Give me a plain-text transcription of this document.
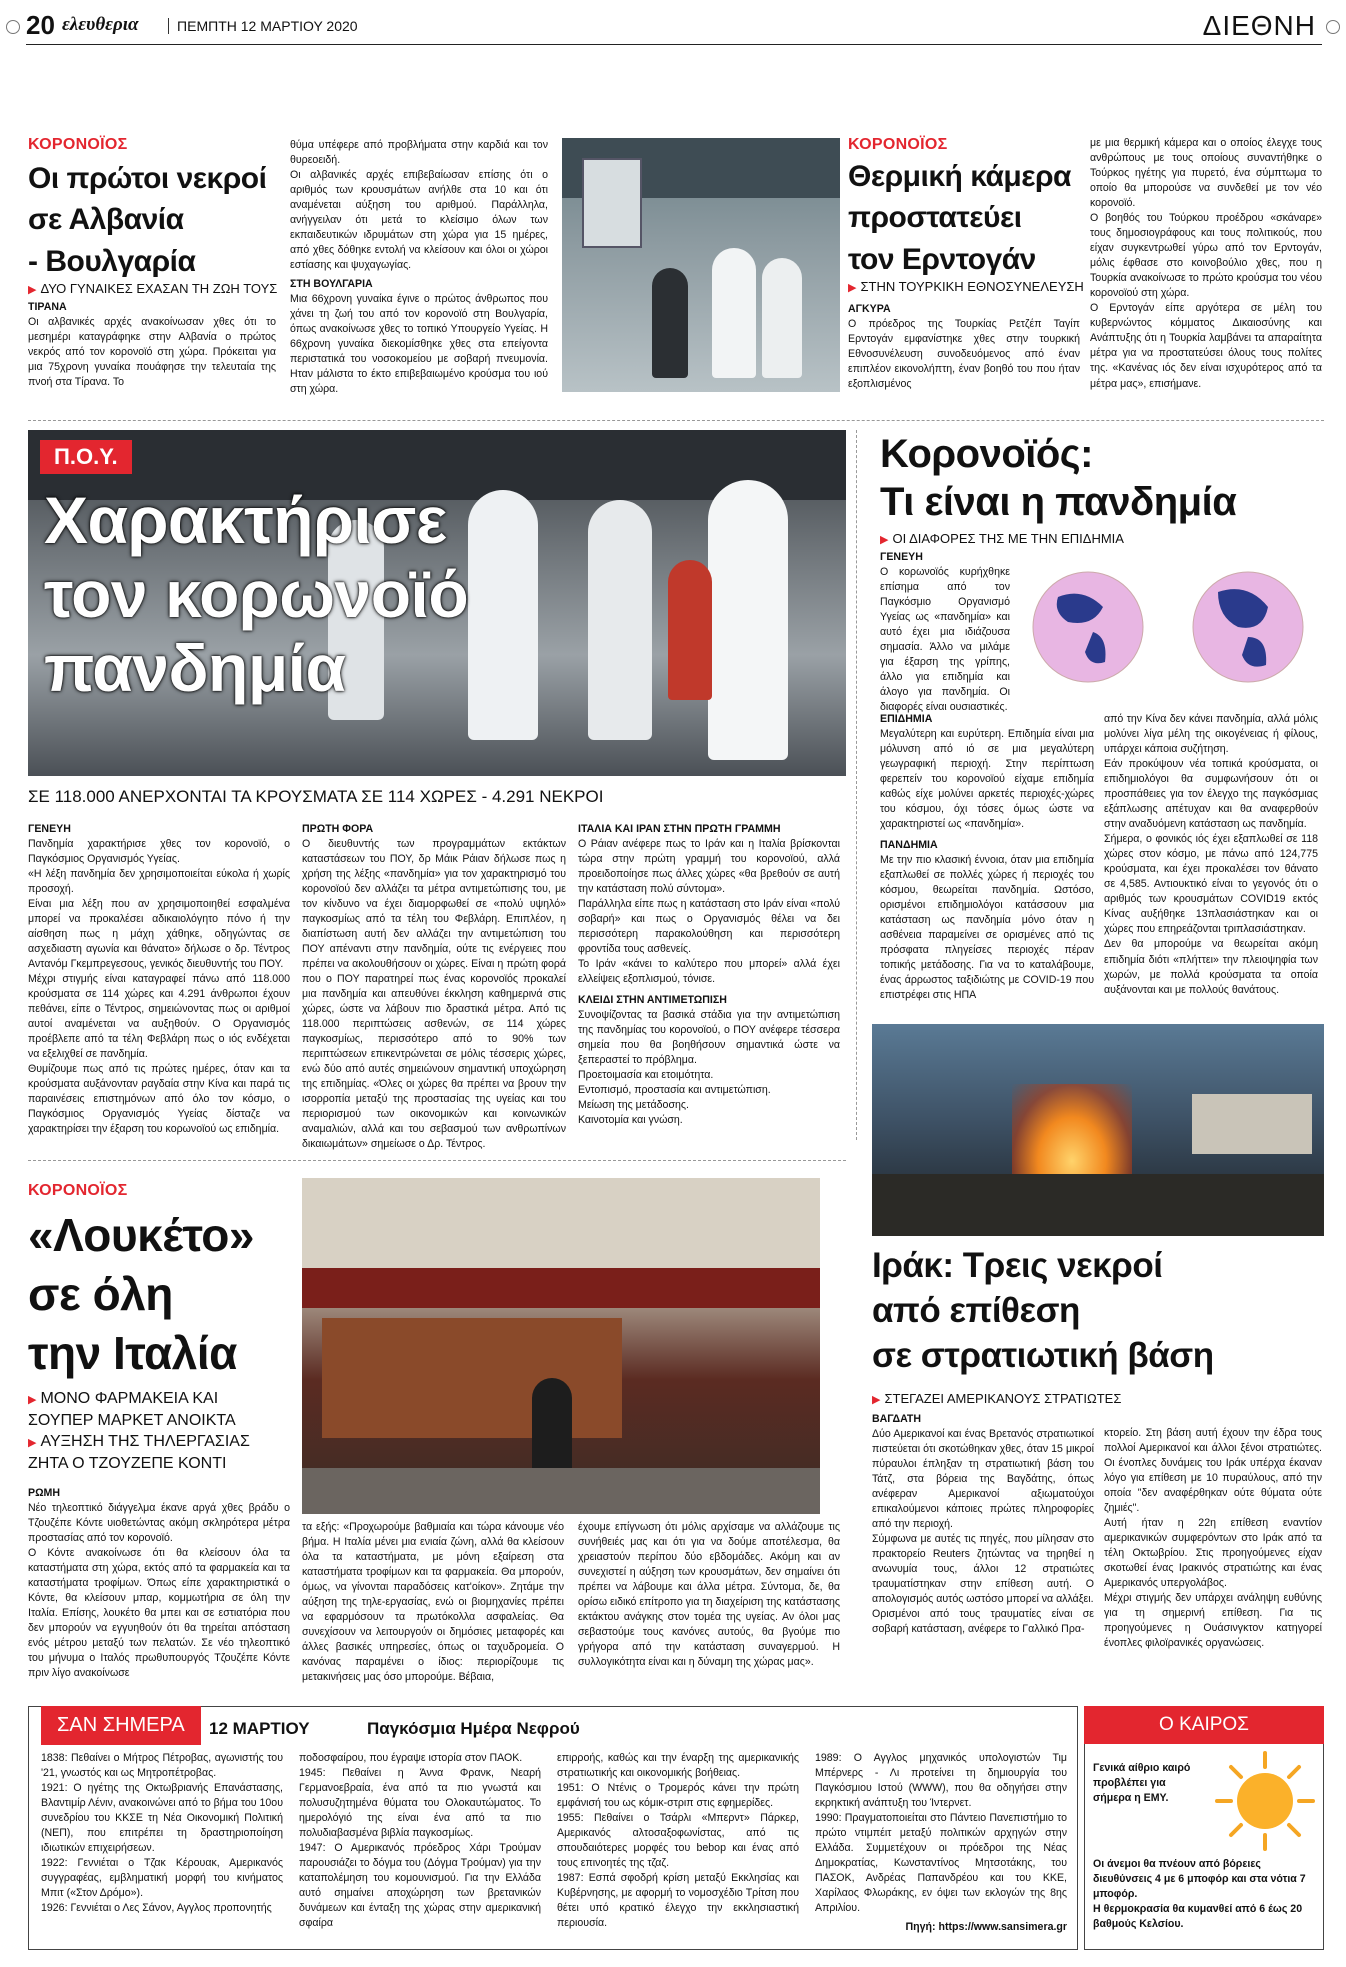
20 ελευθερια	ΠΕΜΠΤΗ 12 ΜΑΡΤΙΟΥ 2020	ΔΙΕΘΝΗ
ΚΟΡΟΝΟΪΟΣ
Οι πρώτοι νεκροί
σε Αλβανία
- Βουλγαρία
▶ ΔΥΟ ΓΥΝΑΙΚΕΣ ΕΧΑΣΑΝ ΤΗ ΖΩΗ ΤΟΥΣ
ΤΙΡΑΝΑ

Οι αλβανικές αρχές ανακοίνωσαν χθες ότι το μεσημέρι καταγράφηκε στην Αλβανία ο πρώτος νεκρός από τον κορονοϊό στη χώρα. Πρόκειται για μια 75χρονη γυναίκα πουάφησε την τελευταία της πνοή στα Τίρανα. Το

θύμα υπέφερε από προβλήματα στην καρδιά και τον θυρεοειδή.

Οι αλβανικές αρχές επιβεβαίωσαν επίσης ότι ο αριθμός των κρουσμάτων ανήλθε στα 10 και ότι αναμένεται αύξηση του αριθμού. Παράλληλα, ανήγγειλαν ότι μετά το κλείσιμο όλων των εκπαιδευτικών ιδρυμάτων στη χώρα για 15 ημέρες, από χθες δόθηκε εντολή να κλείσουν και όλοι οι χώροι εστίασης και ψυχαγωγίας.

ΣΤΗ ΒΟΥΛΓΑΡΙΑ

Μια 66χρονη γυναίκα έγινε ο πρώτος άνθρωπος που χάνει τη ζωή του από τον κορονοϊό στη Βουλγαρία, όπως ανακοίνωσε χθες το τοπικό Υπουργείο Υγείας. Η 66χρονη γυναίκα διεκομίσθηκε χθες στα επείγοντα περιστατικά του νοσοκομείου με σοβαρή πνευμονία. Ηταν μάλιστα το έκτο επιβεβαιωμένο κρούσμα του ιού στη χώρα.

ΚΟΡΟΝΟΪΟΣ
Θερμική κάμερα
προστατεύει
τον Ερντογάν
▶ ΣΤΗΝ ΤΟΥΡΚΙΚΗ ΕΘΝΟΣΥΝΕΛΕΥΣΗ
ΑΓΚΥΡΑ

Ο πρόεδρος της Τουρκίας Ρετζέπ Ταγίπ Ερντογάν εμφανίστηκε χθες στην τουρκική Εθνοσυνέλευση συνοδευόμενος από έναν επιπλέον εικονολήπτη, έναν βοηθό του που ήταν εξοπλισμένος

με μια θερμική κάμερα και ο οποίος έλεγχε τους ανθρώπους με τους οποίους συναντήθηκε ο Τούρκος ηγέτης για πυρετό, ένα σύμπτωμα το οποίο θα μπορούσε να συνδεθεί με τον νέο κορονοϊό.

Ο βοηθός του Τούρκου προέδρου «σκάναρε» τους δημοσιογράφους και τους πολιτικούς, που είχαν συγκεντρωθεί γύρω από τον Ερντογάν, μόλις έφθασε στο κοινοβούλιο χθες, που η Τουρκία ανακοίνωσε το πρώτο κρούσμα του νέου κορονοϊού στη χώρα.

Ο Ερντογάν είπε αργότερα σε μέλη του κυβερνώντος κόμματος Δικαιοσύνης και Ανάπτυξης ότι η Τουρκία λαμβάνει τα απαραίτητα μέτρα για να προστατεύσει όλους τους πολίτες της. «Κανένας ιός δεν είναι ισχυρότερος από τα μέτρα μας», επισήμανε.

Π.Ο.Υ.
Χαρακτήρισε
τον κορωνοϊό
πανδημία
ΣΕ 118.000 ΑΝΕΡΧΟΝΤΑΙ ΤΑ ΚΡΟΥΣΜΑΤΑ ΣΕ 114 ΧΩΡΕΣ - 4.291 ΝΕΚΡΟΙ
ΓΕΝΕΥΗ

Πανδημία χαρακτήρισε χθες τον κορονοϊό, ο Παγκόσμιος Οργανισμός Υγείας.

«Η λέξη πανδημία δεν χρησιμοποιείται εύκολα ή χωρίς προσοχή.

Είναι μια λέξη που αν χρησιμοποιηθεί εσφαλμένα μπορεί να προκαλέσει αδικαιολόγητο πόνο ή την αίσθηση πως η μάχη χάθηκε, οδηγώντας σε ασχεδιαστη αγωνία και θάνατο» δήλωσε ο δρ. Τέντρος Αντανόμ Γκεμπρεγεσους, γενικός διευθυντής του ΠΟΥ.

Μέχρι στιγμής είναι καταγραφεί πάνω από 118.000 κρούσματα σε 114 χώρες και 4.291 άνθρωποι έχουν πεθάνει, είπε ο Τέντρος, σημειώνοντας πως οι αριθμοί αυτοί αναμένεται να αυξηθούν. Ο Οργανισμός προέβλεπε από τα τέλη Φεβλάρη πως ο ιός ενδέχεται να εξελιχθεί σε πανδημία.

Θυμίζουμε πως από τις πρώτες ημέρες, όταν και τα κρούσματα αυξάνονταν ραγδαία στην Κίνα και παρά τις παραινέσεις επιστημόνων από όλο τον κόσμο, ο Παγκόσμιος Οργανισμός Υγείας δίσταζε να χαρακτηρίσει την έξαρση του κορωνοϊού ως επιδημία.

ΠΡΩΤΗ ΦΟΡΑ

Ο διευθυντής των προγραμμάτων εκτάκτων καταστάσεων του ΠΟΥ, δρ Μάικ Ράιαν δήλωσε πως η χρήση της λέξης «πανδημία» για τον χαρακτηρισμό του κορονοϊού δεν αλλάζει τα μέτρα αντιμετώπισης του, με τον κίνδυνο να έχει διαμορφωθεί σε «πολύ υψηλό» παγκοσμίως από τα τέλη του Φεβλάρη. Επιπλέον, η διαπίστωση αυτή δεν αλλάζει την αντιμετώπιση του ΠΟΥ απέναντι στην πανδημία, ούτε τις ενέργειες που πρέπει να ακολουθήσουν οι χώρες. Είναι η πρώτη φορά που ο ΠΟΥ παρατηρεί πως ένας κορονοϊός προκαλεί μια πανδημία και απευθύνει έκκληση καθημερινά στις χώρες, ώστε να λάβουν πιο δραστικά μέτρα. Από τις 118.000 περιπτώσεις ασθενών, σε 114 χώρες παγκοσμίως, περισσότερο από το 90% των περιπτώσεων επικεντρώνεται σε μόλις τέσσερις χώρες, ενώ δύο από αυτές σημειώνουν σημαντική υποχώρηση της επιδημίας. «Όλες οι χώρες θα πρέπει να βρουν την ισορροπία μεταξύ της προστασίας της υγείας και του περιορισμού των οικονομικών και κοινωνικών αναμαλιών, αλλά και του σεβασμού των ανθρωπίνων δικαιωμάτων» σημείωσε ο Δρ. Τέντρος.

ΙΤΑΛΙΑ ΚΑΙ ΙΡΑΝ ΣΤΗΝ ΠΡΩΤΗ ΓΡΑΜΜΗ

Ο Ράιαν ανέφερε πως το Ιράν και η Ιταλία βρίσκονται τώρα στην πρώτη γραμμή του κορονοϊού, αλλά προειδοποίησε πως άλλες χώρες «θα βρεθούν σε αυτή την κατάσταση πολύ σύντομα».

Παράλληλα είπε πως η κατάσταση στο Ιράν είναι «πολύ σοβαρή» και πως ο Οργανισμός θέλει να δει περισσότερη παρακολούθηση και περισσότερη φροντίδα τους ασθενείς.

Το Ιράν «κάνει το καλύτερο που μπορεί» αλλά έχει ελλείψεις εξοπλισμού, τόνισε.

ΚΛΕΙΔΙ ΣΤΗΝ ΑΝΤΙΜΕΤΩΠΙΣΗ

Συνοψίζοντας τα βασικά στάδια για την αντιμετώπιση της πανδημίας του κορονοϊού, ο ΠΟΥ ανέφερε τέσσερα σημεία που θα βοηθήσουν σημαντικά ώστε να ξεπεραστεί το πρόβλημα.

Προετοιμασία και ετοιμότητα.

Εντοπισμό, προστασία και αντιμετώπιση.

Μείωση της μετάδοσης.

Καινοτομία και γνώση.

Κορονοϊός:
Τι είναι η πανδημία
▶ ΟΙ ΔΙΑΦΟΡΕΣ ΤΗΣ ΜΕ ΤΗΝ ΕΠΙΔΗΜΙΑ
ΓΕΝΕΥΗ

Ο κορωνοϊός κυρήχθηκε επίσημα από τον Παγκόσμιο Οργανισμό Υγείας ως «πανδημία» και αυτό έχει μια ιδιάζουσα σημασία. Άλλο να μιλάμε για έξαρση της γρίπης, άλλο για επιδημία και άλογο για πανδημία. Οι διαφορές είναι ουσιαστικές.

ΕΠΙΔΗΜΙΑ

Μεγαλύτερη και ευρύτερη. Επιδημία είναι μια μόλυνση από ιό σε μια μεγαλύτερη γεωγραφική περιοχή. Στην περίπτωση φερεπείν του κορονοϊού είχαμε επιδημία καθώς είχε μολύνει αρκετές περιοχές-χώρες του κόσμου, όχι τόσες όμως ώστε να χαρακτηριστεί ως «πανδημία».

ΠΑΝΔΗΜΙΑ

Με την πιο κλασική έννοια, όταν μια επιδημία εξαπλωθεί σε πολλές χώρες ή περιοχές του κόσμου, θεωρείται πανδημία. Ωστόσο, ορισμένοι επιδημιολόγοι κατάσσουν μια κατάσταση ως πανδημία μόνο όταν η ασθένεια παραμείνει σε ορισμένες από τις πρόσφατα πληγείσες περιοχές πέραν τοπικής μετάδοσης. Για να το καταλάβουμε, ένας άρρωστος ταξιδιώτης με COVID-19 που επιστρέφει στις ΗΠΑ

από την Κίνα δεν κάνει πανδημία, αλλά μόλις μολύνει λίγα μέλη της οικογένειας ή φίλους, υπάρχει κάποια συζήτηση.

Εάν προκύψουν νέα τοπικά κρούσματα, οι επιδημιολόγοι θα συμφωνήσουν ότι οι προσπάθειες για τον έλεγχο της παγκόσμιας εξάπλωσης απέτυχαν και θα αναφερθούν στην αναδυόμενη κατάσταση ως πανδημία.

Σήμερα, ο φονικός ιός έχει εξαπλωθεί σε 118 χώρες στον κόσμο, με πάνω από 124,775 κρούσματα, και έχει προκαλέσει τον θάνατο σε 4,585. Αντιουκτικό είναι το γεγονός ότι ο αριθμός των κρουσμάτων COVID19 εκτός Κίνας αυξήθηκε 13πλασιάστηκαν και οι χώρες που επηρεάζονται τριπλασιάστηκαν.

Δεν θα μπορούμε να θεωρείται ακόμη επιδημία διότι «πλήττει» την πλειοψηφία των χωρών, με πολλά κρούσματα τα οποία αυξάνονται και με πολλούς θανάτους.

ΚΟΡΟΝΟΪΟΣ
«Λουκέτο»
σε όλη
την Ιταλία
▶ ΜΟΝΟ ΦΑΡΜΑΚΕΙΑ ΚΑΙ
ΣΟΥΠΕΡ ΜΑΡΚΕΤ ΑΝΟΙΚΤΑ
▶ ΑΥΞΗΣΗ ΤΗΣ ΤΗΛΕΡΓΑΣΙΑΣ
ΖΗΤΑ Ο ΤΖΟΥΖΕΠΕ ΚΟΝΤΙ
ΡΩΜΗ

Νέο τηλεοπτικό διάγγελμα έκανε αργά χθες βράδυ ο Τζουζέπε Κόντε υιοθετώντας ακόμη σκληρότερα μέτρα προστασίας από τον κορονοϊό.

Ο Κόντε ανακοίνωσε ότι θα κλείσουν όλα τα καταστήματα στη χώρα, εκτός από τα φαρμακεία και τα καταστήματα τροφίμων. Όπως είπε χαρακτηριστικά ο Κόντε, θα κλείσουν μπαρ, κομμωτήρια σε όλη την Ιταλία. Επίσης, λουκέτο θα μπει και σε εστιατόρια που δεν μπορούν να εγγυηθούν ότι θα τηρείται απόσταση ενός μέτρου μεταξύ των πελατών. Σε νέο τηλεοπτικό του μήνυμα ο Ιταλός πρωθυπουργός Τζουζέπε Κόντε πριν λίγο ανακοίνωσε

τα εξής: «Προχωρούμε βαθμιαία και τώρα κάνουμε νέο βήμα. Η Ιταλία μένει μια ενιαία ζώνη, αλλά θα κλείσουν όλα τα καταστήματα, με μόνη εξαίρεση στα καταστήματα τροφίμων και τα φαρμακεία. Θα μπορούν, όμως, να γίνονται παραδόσεις κατ'οίκον». Ζητάμε την αύξηση της τηλε-εργασίας, ενώ οι βιομηχανίες πρέπει να εφαρμόσουν τα πρωτόκολλα ασφαλείας. Θα συνεχίσουν να λειτουργούν οι δημόσιες μεταφορές και άλλες βασικές υπηρεσίες, όπως οι ταχυδρομεία. Ο κανόνας παραμένει ο ίδιος: περιορίζουμε τις μετακινήσεις μας όσο μπορούμε. Βέβαια,

έχουμε επίγνωση ότι μόλις αρχίσαμε να αλλάζουμε τις συνήθειές μας και ότι για να δούμε αποτέλεσμα, θα χρειαστούν περίπου δύο εβδομάδες. Ακόμη και αν συνεχιστεί η αύξηση των κρουσμάτων, δεν σημαίνει ότι πρέπει να λάβουμε και άλλα μέτρα. Σύντομα, δε, θα ορίσω ειδικό επίτροπο για τη διαχείριση της κατάστασης εκτάκτου ανάγκης στον τομέα της υγείας. Αν όλοι μας σεβαστούμε τους κανόνες αυτούς, θα βγούμε πιο γρήγορα από την κατάσταση συναγερμού. Η συλλογικότητα είναι και η δύναμη της χώρας μας».

Ιράκ: Τρεις νεκροί
από επίθεση
σε στρατιωτική βάση
▶ ΣΤΕΓΑΖΕΙ ΑΜΕΡΙΚΑΝΟΥΣ ΣΤΡΑΤΙΩΤΕΣ
ΒΑΓΔΑΤΗ

Δύο Αμερικανοί και ένας Βρετανός στρατιωτικοί πιστεύεται ότι σκοτώθηκαν χθες, όταν 15 μικροί πύραυλοι έπληξαν τη στρατιωτική βάση του Τάτζ, στα βόρεια της Βαγδάτης, όπως ανέφεραν Αμερικανοί αξιωματούχοι επικαλούμενοι κάποιες πρώτες πληροφορίες από την περιοχή.

Σύμφωνα με αυτές τις πηγές, που μίλησαν στο πρακτορείο Reuters ζητώντας να τηρηθεί η ανωνυμία τους, άλλοι 12 στρατιώτες τραυματίστηκαν στην επίθεση αυτή. Ο απολογισμός αυτός ωστόσο μπορεί να αλλάξει.

Ορισμένοι από τους τραυματίες είναι σε σοβαρή κατάσταση, ανέφερε το Γαλλικό Πρα-

κτορείο. Στη βάση αυτή έχουν την έδρα τους πολλοί Αμερικανοί και άλλοι ξένοι στρατιώτες. Οι ένοπλες δυνάμεις του Ιράκ υπέρχα έκαναν λόγο για επίθεση με 10 πυραύλους, από την οποία "δεν αναφέρθηκαν ούτε θύματα ούτε ζημιές".

Αυτή ήταν η 22η επίθεση εναντίον αμερικανικών συμφερόντων στο Ιράκ από τα τέλη Οκτωβρίου. Στις προηγούμενες είχαν σκοτωθεί ένας Ιρακινός στρατιώτης και ένας Αμερικανός υπεργολάβος.

Μέχρι στιγμής δεν υπάρχει ανάληψη ευθύνης για τη σημερινή επίθεση. Για τις προηγούμενες η Ουάσινγκτον κατηγορεί ένοπλες φιλοϊρανικές οργανώσεις.

ΣΑΝ ΣΗΜΕΡΑ	12 ΜΑΡΤΙΟΥ	Παγκόσμια Ημέρα Νεφρού

1838: Πεθαίνει ο Μήτρος Πέτροβας, αγωνιστής του '21, γνωστός και ως Μητροπέτροβας.

1921: Ο ηγέτης της Οκτωβριανής Επανάστασης, Βλαντιμίρ Λένιν, ανακοινώνει από το βήμα του 10ου συνεδρίου του ΚΚΣΕ τη Νέα Οικονομική Πολιτική (ΝΕΠ), που επιτρέπει τη δραστηριοποίηση ιδιωτικών επιχειρήσεων.

1922: Γεννιέται ο Τζακ Κέρουακ, Αμερικανός συγγραφέας, εμβληματική μορφή του κινήματος Μπιτ («Στον Δρόμο»).

1926: Γεννιέται ο Λες Σάνον, Αγγλος προπονητής

ποδοσφαίρου, που έγραψε ιστορία στον ΠΑΟΚ.

1945: Πεθαίνει η Άννα Φρανκ, Νεαρή Γερμανοεβραία, ένα από τα πιο γνωστά και πολυσυζητημένα θύματα του Ολοκαυτώματος. Το ημερολόγιό της είναι ένα από τα πιο πολυδιαβασμένα βιβλία παγκοσμίως.

1947: Ο Αμερικανός πρόεδρος Χάρι Τρούμαν παρουσιάζει το δόγμα του (Δόγμα Τρούμαν) για την καταπολέμηση του κομουνισμού. Για την Ελλάδα αυτό σημαίνει αποχώρηση των βρετανικών δυνάμεων και ένταξη της χώρας στην αμερικανική σφαίρα

επιρροής, καθώς και την έναρξη της αμερικανικής στρατιωτικής και οικονομικής βοήθειας.

1951: Ο Ντένις ο Τρομερός κάνει την πρώτη εμφάνισή του ως κόμικ-στριπ στις εφημερίδες.

1955: Πεθαίνει ο Τσάρλι «Μπερντ» Πάρκερ, Αμερικανός αλτοσαξοφωνίστας, από τις σπουδαιότερες μορφές του bebop και ένας από τους επινοητές της τζαζ.

1987: Εσπά σφοδρή κρίση μεταξύ Εκκλησίας και Κυβέρνησης, με αφορμή το νομοσχέδιο Τρίτση που θέτει υπό κρατικό έλεγχο την εκκλησιαστική περιουσία.

1989: Ο Αγγλος μηχανικός υπολογιστών Τιμ Μπέρνερς - Λι προτείνει τη δημιουργία του Παγκόσμιου Ιστού (WWW), που θα οδηγήσει στην εκρηκτική ανάπτυξη του Ίντερνετ.

1990: Πραγματοποιείται στο Πάντειο Πανεπιστήμιο το πρώτο ντιμπέιτ μεταξύ πολιτικών αρχηγών στην Ελλάδα. Συμμετέχουν οι πρόεδροι της Νέας Δημοκρατίας, Κωνσταντίνος Μητσοτάκης, του ΠΑΣΟΚ, Ανδρέας Παπανδρέου και του ΚΚΕ, Χαρίλαος Φλωράκης, εν όψει των εκλογών της 8ης Απριλίου.

Πηγή: https://www.sansimera.gr

Ο ΚΑΙΡΟΣ

Γενικά αίθριο καιρό προβλέπει για σήμερα η ΕΜΥ.

Οι άνεμοι θα πνέουν από βόρειες διευθύνσεις 4 με 6 μποφόρ και στα νότια 7 μποφόρ.

Η θερμοκρασία θα κυμανθεί από 6 έως 20 βαθμούς Κελσίου.
